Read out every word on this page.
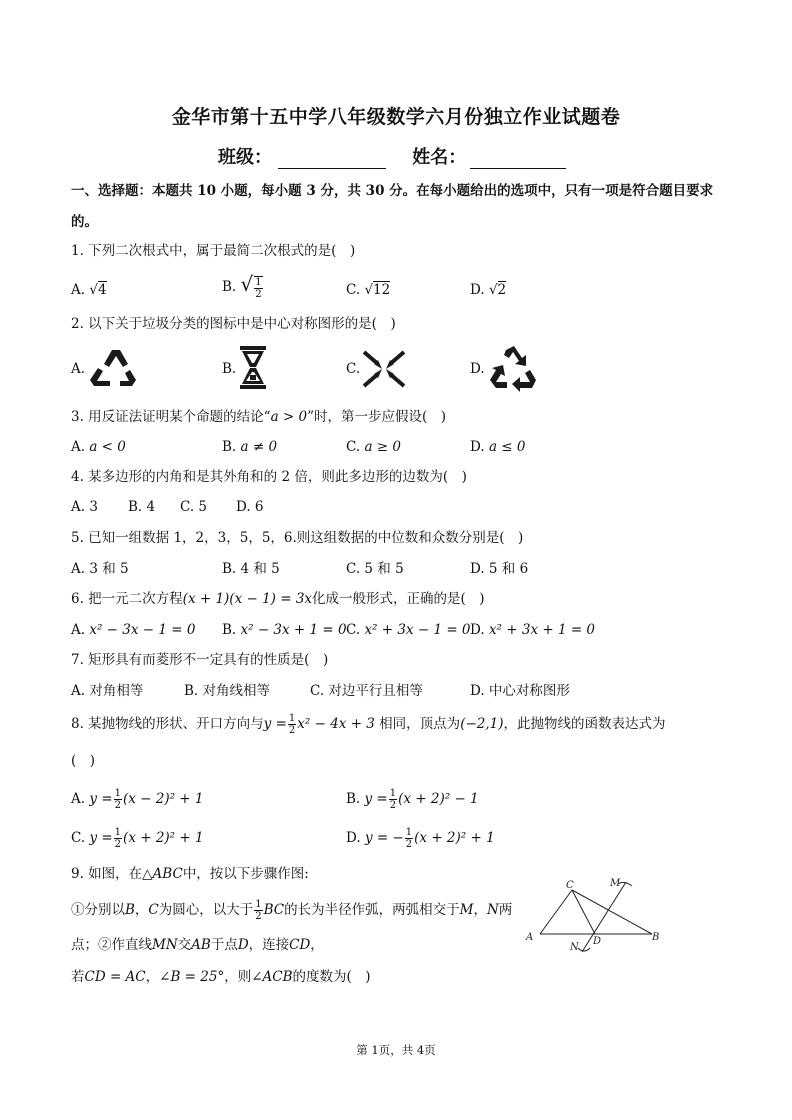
金华市第十五中学八年级数学六月份独立作业试题卷
班级：	姓名：
一、选择题：本题共 10 小题，每小题 3 分，共 30 分。在每小题给出的选项中，只有一项是符合题目要求
的。
1. 下列二次根式中，属于最简二次根式的是(　)
A. √4	B. √ $\frac{1}{2}$	C. √12	D. √2
2. 以下关于垃圾分类的图标中是中心对称图形的是(　)
A.	B.	C.	D.
3. 用反证法证明某个命题的结论“a > 0”时，第一步应假设(　)
A. a < 0	B. a ≠ 0	C. a ≥ 0	D. a ≤ 0
4. 某多边形的内角和是其外角和的 2 倍，则此多边形的边数为(　)
A. 3 B. 4 C. 5 D. 6
5. 已知一组数据 1，2，3，5，5，6.则这组数据的中位数和众数分别是(　)
A. 3 和 5	B. 4 和 5	C. 5 和 5	D. 5 和 6
6. 把一元二次方程(x + 1)(x − 1) = 3x化成一般形式，正确的是(　)
A. x² − 3x − 1 = 0 B. x² − 3x + 1 = 0 C. x² + 3x − 1 = 0 D. x² + 3x + 1 = 0
7. 矩形具有而菱形不一定具有的性质是(　)
A. 对角相等	B. 对角线相等	C. 对边平行且相等	D. 中心对称图形
8. 某抛物线的形状、开口方向与$y = \frac{1}{2} x^2 - 4x + 3$ 相同，顶点为(−2,1)，此抛物线的函数表达式为
(　)
A. $y = \frac{1}{2} (x - 2)^2 + 1$	B. $y = \frac{1}{2} (x + 2)^2 - 1$
C. $y = \frac{1}{2} (x + 2)^2 + 1$	D. y = − $\frac{1}{2} (x + 2)^2 + 1$
9. 如图，在△ABC中，按以下步骤作图:
①分别以B，C为圆心，以大于 $\frac{1}{2}$ BC的长为半径作弧，两弧相交于M，N两
点；②作直线MN交AB于点D，连接CD，
若CD = AC，∠B = 25°，则∠ACB的度数为(　)
A	B
C
D
M
N
第 1页，共 4页
